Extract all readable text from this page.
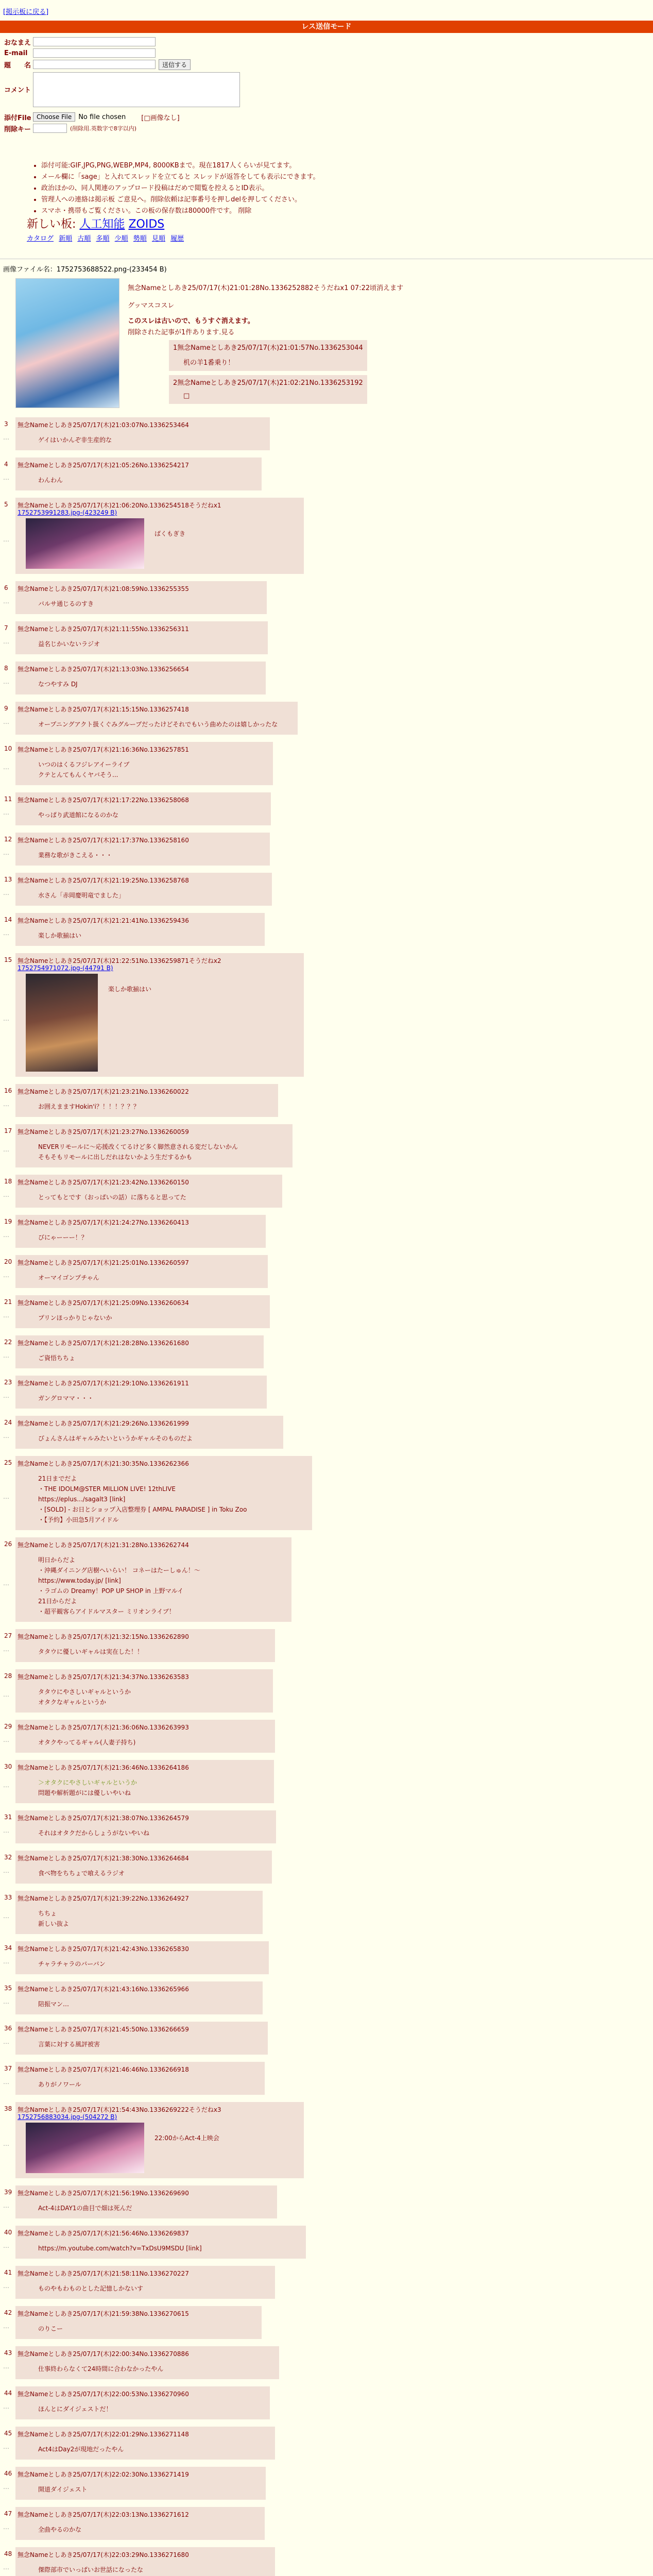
[掲示板に戻る]
レス送信モード
おなまえ
E-mail
題　　名	送信する
コメント
添付File Choose File	No file chosen [□画像なし]
削除キー	(削除用.英数字で8字以内)
• 添付可能:GIF,JPG,PNG,WEBP,MP4, 8000KBまで。現在1817人くらいが見てます。
• メール欄に「sage」と入れてスレッドを立てると スレッドが返答をしても表示にできます。
• 政治ほかの、同人関連のアップロード投稿はだめで閲覧を控えるとID表示。
• 管理人への連絡は掲示板 ご意見へ。削除依頼は記事番号を押しdelを押してください。
• スマホ・携帯もご覧ください。この板の保存数は80000件です。 削除
新しい板: 人工知能 ZOIDS
カタログ 新順 古順 多順 少順 勢順 見順 履歴
画像ファイル名：1752753688522.png-(233454 B)
無念Nameとしあき25/07/17(木)21:01:28No.1336252882そうだねx1 07:22頃消えます
グッマスコスレ
このスレは古いので、もうすぐ消えます。
削除された記事が1件あります.見る
1無念Nameとしあき25/07/17(木)21:01:57No.1336253044
机の羊1番乗り！
2無念Nameとしあき25/07/17(木)21:02:21No.1336253192
□
3 無念Nameとしあき25/07/17(木)21:03:07No.1336253464
ゲイはいかんぞ非生産的な
…
4 無念Nameとしあき25/07/17(木)21:05:26No.1336254217
わんわん
…
5 無念Nameとしあき25/07/17(木)21:06:20No.1336254518そうだねx1
1752753991283.jpg-(423249 B)
ばくもぎき
…
6 無念Nameとしあき25/07/17(木)21:08:59No.1336255355
バルサ通じるのすき
…
7 無念Nameとしあき25/07/17(木)21:11:55No.1336256311
益名じかいないラジオ
…
8 無念Nameとしあき25/07/17(木)21:13:03No.1336256654
なつやすみ DJ
…
9 無念Nameとしあき25/07/17(木)21:15:15No.1336257418
オープニングアクト扱くぐみグループだったけどそれでもいう曲めたのは嬉しかったな
…
10 無念Nameとしあき25/07/17(木)21:16:36No.1336257851
いつのはくるフジレアイーライブ
クテとんてもんくヤバそう...
…
11 無念Nameとしあき25/07/17(木)21:17:22No.1336258068
やっぱり武道館になるのかな
…
12 無念Nameとしあき25/07/17(木)21:17:37No.1336258160
業務な歌がきこえる・・・
…
13 無念Nameとしあき25/07/17(木)21:19:25No.1336258768
水さん「赤岡慶明竜でました」
…
14 無念Nameとしあき25/07/17(木)21:21:41No.1336259436
楽しか歌揃はい
…
15 無念Nameとしあき25/07/17(木)21:22:51No.1336259871そうだねx2
1752754971072.jpg-(44791 B)
楽しか歌揃はい
…
16 無念Nameとしあき25/07/17(木)21:23:21No.1336260022
お囲えまますHokin'i？！！！？？？
…
17 無念Nameとしあき25/07/17(木)21:23:27No.1336260059
NEVERリモールに～応援改くてるけど多く脚然意される変だしないかん
そもそもリモールに出しだれはないかよう生だするかも
…
18 無念Nameとしあき25/07/17(木)21:23:42No.1336260150
とってもとです（おっぱいの話）に落ちると思ってた
…
19 無念Nameとしあき25/07/17(木)21:24:27No.1336260413
びにゃーーー！？
…
20 無念Nameとしあき25/07/17(木)21:25:01No.1336260597
オーマイゴンプチゃん
…
21 無念Nameとしあき25/07/17(木)21:25:09No.1336260634
プリンほっかりじゃないか
…
22 無念Nameとしあき25/07/17(木)21:28:28No.1336261680
ご資悟ちちょ
…
23 無念Nameとしあき25/07/17(木)21:29:10No.1336261911
ガングロママ・・・
…
24 無念Nameとしあき25/07/17(木)21:29:26No.1336261999
びょんさんはギャルみたいというかギャルそのものだよ
…
25 無念Nameとしあき25/07/17(木)21:30:35No.1336262366
21日までだよ
・THE IDOLM@STER MILLION LIVE! 12thLIVE
https://eplus.../sagalt3 [link]
・[SOLD] - お日とショップ入店整理券 [ AMPAL PARADISE ] in Toku Zoo
・【予約】小田急5月アイドル
…
26 無念Nameとしあき25/07/17(木)21:31:28No.1336262744
明日からだよ
・沖縄ダイニング店樹へいらい！ コネーはたーしゅん！～
https://www.today.jp/ [link]
・ラゴムの Dreamy！POP UP SHOP in 上野マルイ
21日からだよ
・超平観客らアイドルマスター ミリオンライブ！
…
27 無念Nameとしあき25/07/17(木)21:32:15No.1336262890
タタウに優しいギャルは実在した！！
…
28 無念Nameとしあき25/07/17(木)21:34:37No.1336263583
タタウにやさしいギャルというか
オタクなギャルというか
…
29 無念Nameとしあき25/07/17(木)21:36:06No.1336263993
オタクやってるギャル(人妻子持ち)
…
30 無念Nameとしあき25/07/17(木)21:36:46No.1336264186
＞オタクにやさしいギャルというか
問題や解析題がには優しいやいね
…
31 無念Nameとしあき25/07/17(木)21:38:07No.1336264579
それはオタクだからしょうがないやいね
…
32 無念Nameとしあき25/07/17(木)21:38:30No.1336264684
食べ物をちちょで喰えるラジオ
…
33 無念Nameとしあき25/07/17(木)21:39:22No.1336264927
ちちょ
新しい抜よ
…
34 無念Nameとしあき25/07/17(木)21:42:43No.1336265830
チャラチャラのバーバン
…
35 無念Nameとしあき25/07/17(木)21:43:16No.1336265966
陪振マン…
…
36 無念Nameとしあき25/07/17(木)21:45:50No.1336266659
言葉に対する風評被害
…
37 無念Nameとしあき25/07/17(木)21:46:46No.1336266918
ありがノワール
…
38 無念Nameとしあき25/07/17(木)21:54:43No.1336269222そうだねx3
1752756883034.jpg-(504272 B)
22:00からAct-4上映会
…
39 無念Nameとしあき25/07/17(木)21:56:19No.1336269690
Act-4はDAY1の曲目で畑は死んだ
…
40 無念Nameとしあき25/07/17(木)21:56:46No.1336269837
https://m.youtube.com/watch?v=TxDsU9MSDU [link]
…
41 無念Nameとしあき25/07/17(木)21:58:11No.1336270227
ものやもわものとした記憶しかないす
…
42 無念Nameとしあき25/07/17(木)21:59:38No.1336270615
のりこー
…
43 無念Nameとしあき25/07/17(木)22:00:34No.1336270886
仕事終わらなくて24時間に合わなかったやん
…
44 無念Nameとしあき25/07/17(木)22:00:53No.1336270960
ほんとにダイジェストだ！
…
45 無念Nameとしあき25/07/17(木)22:01:29No.1336271148
Act4はDay2が現地だったやん
…
46 無念Nameとしあき25/07/17(木)22:02:30No.1336271419
開道ダイジェスト
…
47 無念Nameとしあき25/07/17(木)22:03:13No.1336271612
全曲やるのかな
…
48 無念Nameとしあき25/07/17(木)22:03:29No.1336271680
傑際部市でいっぱいお世話になったな
…
